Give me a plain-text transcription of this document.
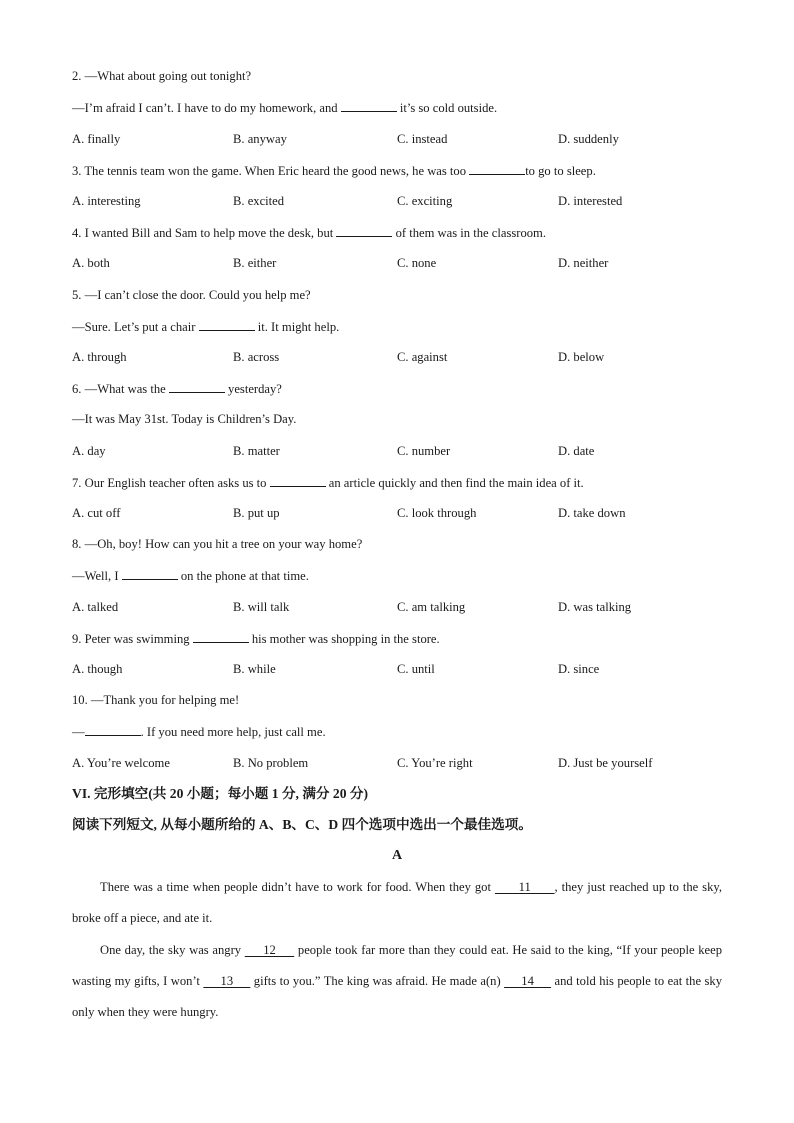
2. —What about going out tonight?
—I’m afraid I can’t. I have to do my homework, and	it’s so cold outside.
A. finally	B. anyway	C. instead	D. suddenly
3. The tennis team won the game. When Eric heard the good news, he was too	to go to sleep.
A. interesting	B. excited	C. exciting	D. interested
4. I wanted Bill and Sam to help move the desk, but	of them was in the classroom.
A. both	B. either	C. none	D. neither
5. —I can’t close the door. Could you help me?
—Sure. Let’s put a chair	it. It might help.
A. through	B. across	C. against	D. below
6. —What was the	yesterday?
—It was May 31st. Today is Children’s Day.
A. day	B. matter	C. number	D. date
7. Our English teacher often asks us to	an article quickly and then find the main idea of it.
A. cut off	B. put up	C. look through	D. take down
8. —Oh, boy! How can you hit a tree on your way home?
—Well, I	on the phone at that time.
A. talked	B. will talk	C. am talking	D. was talking
9. Peter was swimming	his mother was shopping in the store.
A. though	B. while	C. until	D. since
10. —Thank you for helping me!
—	. If you need more help, just call me.
A. You’re welcome	B. No problem	C. You’re right	D. Just be yourself
VI. 完形填空(共 20 小题；每小题 1 分, 满分 20 分)
阅读下列短文, 从每小题所给的 A、B、C、D 四个选项中选出一个最佳选项。
A
There was a time when people didn’t have to work for food. When they got       11      , they just reached up to the sky, broke off a piece, and ate it.
One day, the sky was angry      12      people took far more than they could eat. He said to the king, “If your people keep wasting my gifts, I won’t      13      gifts to you.” The king was afraid. He made a(n)      14      and told his people to eat the sky only when they were hungry.
